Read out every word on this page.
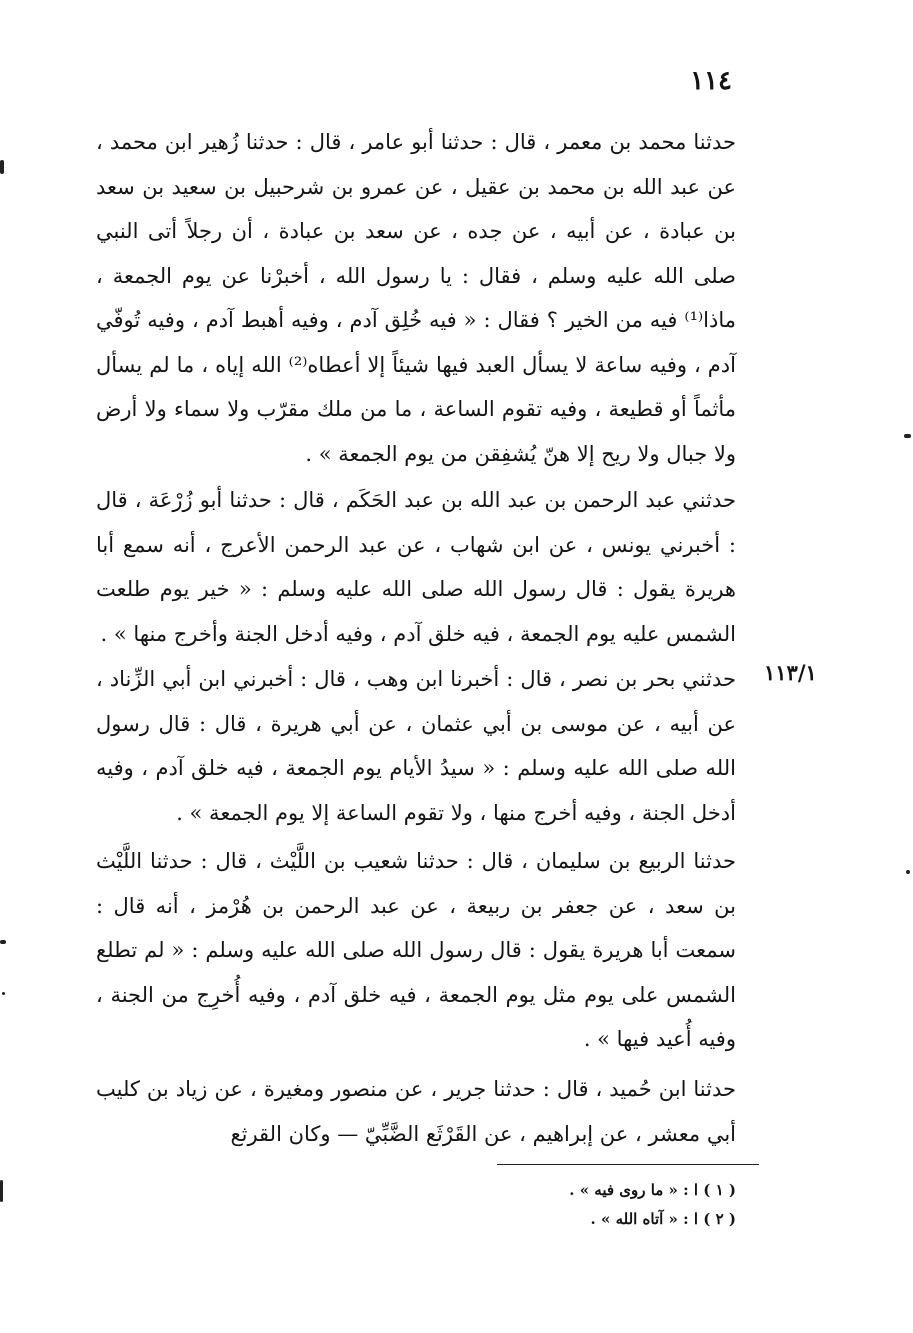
١١٤

حدثنا محمد بن معمر ، قال : حدثنا أبو عامر ، قال : حدثنا زُهير ابن محمد ، عن عبد الله بن محمد بن عقيل ، عن عمرو بن شرحبيل بن سعيد بن سعد بن عبادة ، عن أبيه ، عن جده ، عن سعد بن عبادة ، أن رجلاً أتى النبي صلى الله عليه وسلم ، فقال : يا رسول الله ، أخبرْنا عن يوم الجمعة ، ماذا⁽¹⁾ فيه من الخير ؟ فقال : « فيه خُلِق آدم ، وفيه أهبط آدم ، وفيه تُوفّي آدم ، وفيه ساعة لا يسأل العبد فيها شيئاً إلا أعطاه⁽²⁾ الله إياه ، ما لم يسأل مأثماً أو قطيعة ، وفيه تقوم الساعة ، ما من ملك مقرّب ولا سماء ولا أرض ولا جبال ولا ريح إلا هنّ يُشفِقن من يوم الجمعة » .

حدثني عبد الرحمن بن عبد الله بن عبد الحَكَم ، قال : حدثنا أبو زُرْعَة ، قال : أخبرني يونس ، عن ابن شهاب ، عن عبد الرحمن الأعرج ، أنه سمع أبا هريرة يقول : قال رسول الله صلى الله عليه وسلم : « خير يوم طلعت الشمس عليه يوم الجمعة ، فيه خلق آدم ، وفيه أدخل الجنة وأخرج منها » .

١١٣/١

حدثني بحر بن نصر ، قال : أخبرنا ابن وهب ، قال : أخبرني ابن أبي الزِّناد ، عن أبيه ، عن موسى بن أبي عثمان ، عن أبي هريرة ، قال : قال رسول الله صلى الله عليه وسلم : « سيدُ الأيام يوم الجمعة ، فيه خلق آدم ، وفيه أدخل الجنة ، وفيه أخرج منها ، ولا تقوم الساعة إلا يوم الجمعة » .

حدثنا الربيع بن سليمان ، قال : حدثنا شعيب بن اللَّيْث ، قال : حدثنا اللَّيْث بن سعد ، عن جعفر بن ربيعة ، عن عبد الرحمن بن هُرْمز ، أنه قال : سمعت أبا هريرة يقول : قال رسول الله صلى الله عليه وسلم : « لم تطلع الشمس على يوم مثل يوم الجمعة ، فيه خلق آدم ، وفيه أُخرِج من الجنة ، وفيه أُعيد فيها » .

حدثنا ابن حُميد ، قال : حدثنا جرير ، عن منصور ومغيرة ، عن زياد بن كليب أبي معشر ، عن إبراهيم ، عن القَرْثَع الضَّبِّيّ — وكان القرثع

( ١ ) ا : « ما روى فيه » .

( ٢ ) ا : « آتاه الله » .
